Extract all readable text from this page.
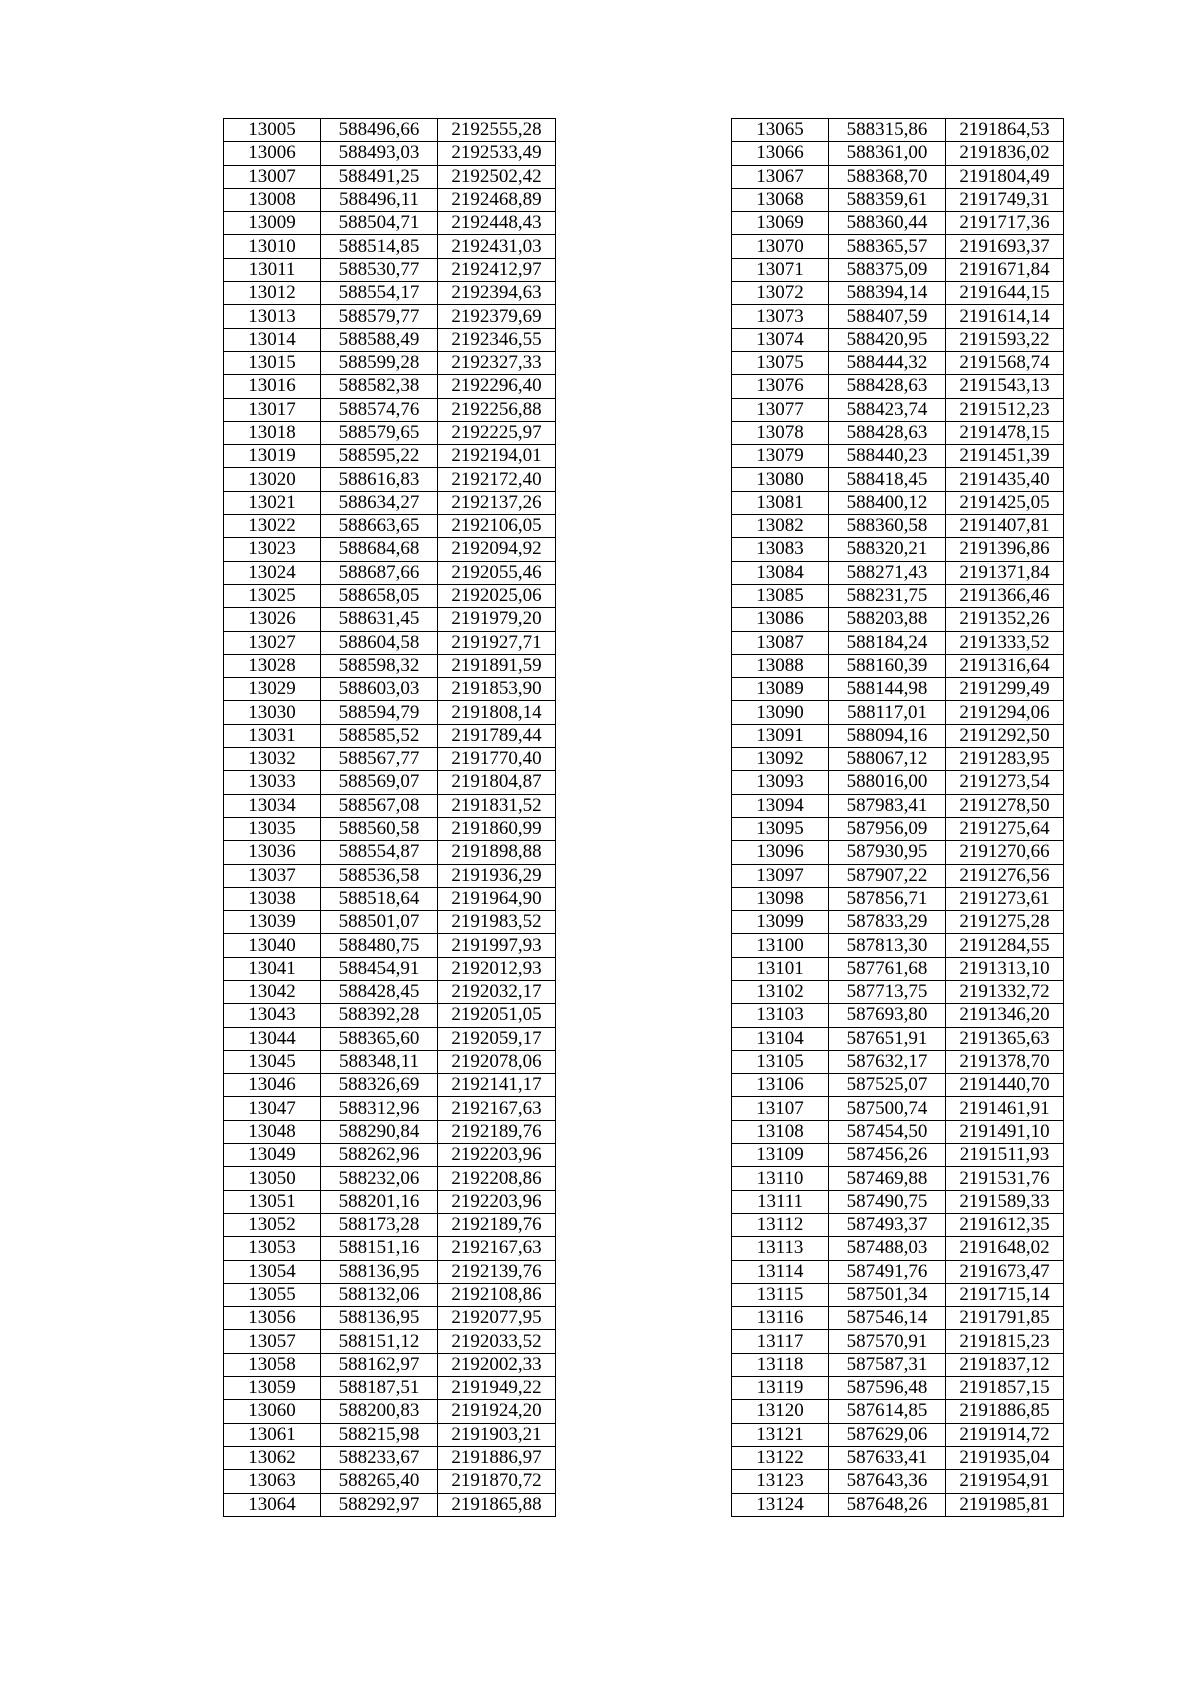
13005	588496,66	2192555,28
13006	588493,03	2192533,49
13007	588491,25	2192502,42
13008	588496,11	2192468,89
13009	588504,71	2192448,43
13010	588514,85	2192431,03
13011	588530,77	2192412,97
13012	588554,17	2192394,63
13013	588579,77	2192379,69
13014	588588,49	2192346,55
13015	588599,28	2192327,33
13016	588582,38	2192296,40
13017	588574,76	2192256,88
13018	588579,65	2192225,97
13019	588595,22	2192194,01
13020	588616,83	2192172,40
13021	588634,27	2192137,26
13022	588663,65	2192106,05
13023	588684,68	2192094,92
13024	588687,66	2192055,46
13025	588658,05	2192025,06
13026	588631,45	2191979,20
13027	588604,58	2191927,71
13028	588598,32	2191891,59
13029	588603,03	2191853,90
13030	588594,79	2191808,14
13031	588585,52	2191789,44
13032	588567,77	2191770,40
13033	588569,07	2191804,87
13034	588567,08	2191831,52
13035	588560,58	2191860,99
13036	588554,87	2191898,88
13037	588536,58	2191936,29
13038	588518,64	2191964,90
13039	588501,07	2191983,52
13040	588480,75	2191997,93
13041	588454,91	2192012,93
13042	588428,45	2192032,17
13043	588392,28	2192051,05
13044	588365,60	2192059,17
13045	588348,11	2192078,06
13046	588326,69	2192141,17
13047	588312,96	2192167,63
13048	588290,84	2192189,76
13049	588262,96	2192203,96
13050	588232,06	2192208,86
13051	588201,16	2192203,96
13052	588173,28	2192189,76
13053	588151,16	2192167,63
13054	588136,95	2192139,76
13055	588132,06	2192108,86
13056	588136,95	2192077,95
13057	588151,12	2192033,52
13058	588162,97	2192002,33
13059	588187,51	2191949,22
13060	588200,83	2191924,20
13061	588215,98	2191903,21
13062	588233,67	2191886,97
13063	588265,40	2191870,72
13064	588292,97	2191865,88
13065	588315,86	2191864,53
13066	588361,00	2191836,02
13067	588368,70	2191804,49
13068	588359,61	2191749,31
13069	588360,44	2191717,36
13070	588365,57	2191693,37
13071	588375,09	2191671,84
13072	588394,14	2191644,15
13073	588407,59	2191614,14
13074	588420,95	2191593,22
13075	588444,32	2191568,74
13076	588428,63	2191543,13
13077	588423,74	2191512,23
13078	588428,63	2191478,15
13079	588440,23	2191451,39
13080	588418,45	2191435,40
13081	588400,12	2191425,05
13082	588360,58	2191407,81
13083	588320,21	2191396,86
13084	588271,43	2191371,84
13085	588231,75	2191366,46
13086	588203,88	2191352,26
13087	588184,24	2191333,52
13088	588160,39	2191316,64
13089	588144,98	2191299,49
13090	588117,01	2191294,06
13091	588094,16	2191292,50
13092	588067,12	2191283,95
13093	588016,00	2191273,54
13094	587983,41	2191278,50
13095	587956,09	2191275,64
13096	587930,95	2191270,66
13097	587907,22	2191276,56
13098	587856,71	2191273,61
13099	587833,29	2191275,28
13100	587813,30	2191284,55
13101	587761,68	2191313,10
13102	587713,75	2191332,72
13103	587693,80	2191346,20
13104	587651,91	2191365,63
13105	587632,17	2191378,70
13106	587525,07	2191440,70
13107	587500,74	2191461,91
13108	587454,50	2191491,10
13109	587456,26	2191511,93
13110	587469,88	2191531,76
13111	587490,75	2191589,33
13112	587493,37	2191612,35
13113	587488,03	2191648,02
13114	587491,76	2191673,47
13115	587501,34	2191715,14
13116	587546,14	2191791,85
13117	587570,91	2191815,23
13118	587587,31	2191837,12
13119	587596,48	2191857,15
13120	587614,85	2191886,85
13121	587629,06	2191914,72
13122	587633,41	2191935,04
13123	587643,36	2191954,91
13124	587648,26	2191985,81
